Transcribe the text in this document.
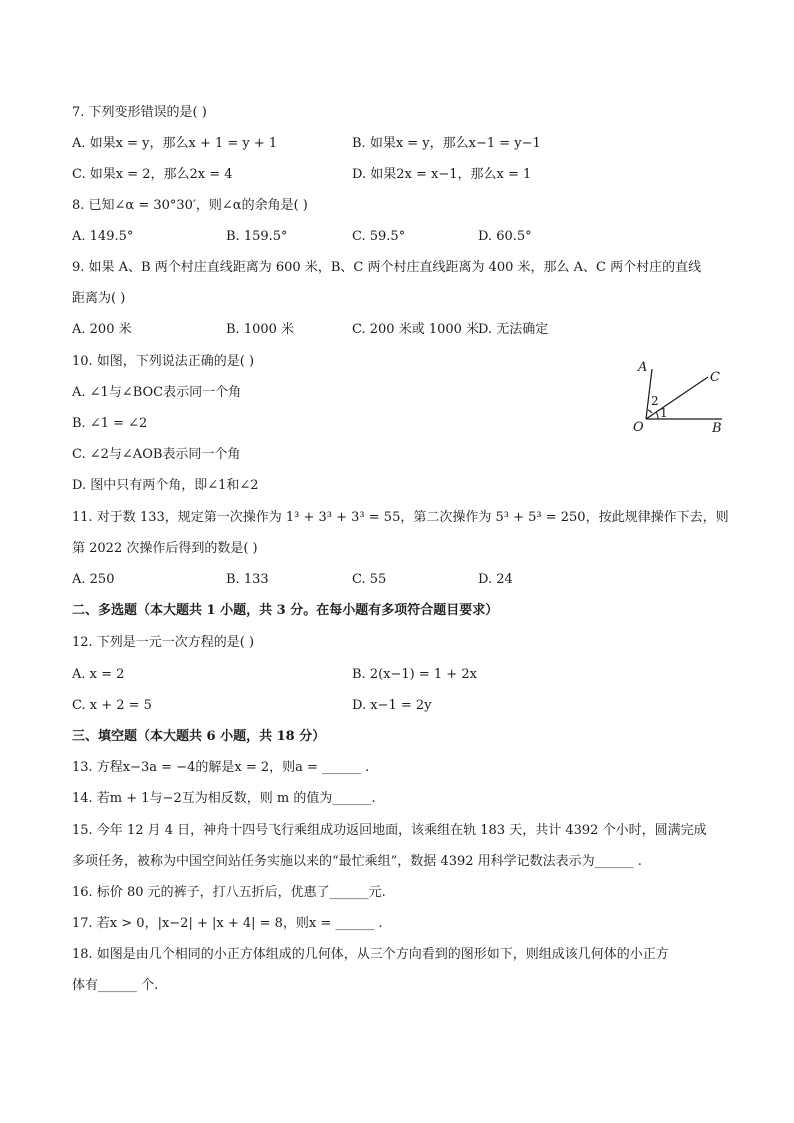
7. 下列变形错误的是( )
A. 如果x = y，那么x + 1 = y + 1	B. 如果x = y，那么x−1 = y−1
C. 如果x = 2，那么2x = 4	D. 如果2x = x−1，那么x = 1
8. 已知∠α = 30°30′，则∠α的余角是( )
A. 149.5°	B. 159.5°	C. 59.5°	D. 60.5°
9. 如果 A、B 两个村庄直线距离为 600 米，B、C 两个村庄直线距离为 400 米，那么 A、C 两个村庄的直线
距离为( )
A. 200 米	B. 1000 米	C. 200 米或 1000 米
D. 无法确定
10. 如图，下列说法正确的是( )
A. ∠1与∠BOC表示同一个角
B. ∠1 = ∠2
C. ∠2与∠AOB表示同一个角
D. 图中只有两个角，即∠1和∠2
A
C
O	B
1
2
11. 对于数 133，规定第一次操作为 1³ + 3³ + 3³ = 55，第二次操作为 5³ + 5³ = 250，按此规律操作下去，则
第 2022 次操作后得到的数是( )
A. 250	B. 133	C. 55	D. 24
二、多选题（本大题共 1 小题，共 3 分。在每小题有多项符合题目要求）
12. 下列是一元一次方程的是( )
A. x = 2	B. 2(x−1) = 1 + 2x
C. x + 2 = 5	D. x−1 = 2y
三、填空题（本大题共 6 小题，共 18 分）
13. 方程x−3a = −4的解是x = 2，则a = ______ .
14. 若m + 1与−2互为相反数，则 m 的值为______.
15. 今年 12 月 4 日，神舟十四号飞行乘组成功返回地面，该乘组在轨 183 天，共计 4392 个小时，圆满完成
多项任务，被称为中国空间站任务实施以来的“最忙乘组”，数据 4392 用科学记数法表示为______ .
16. 标价 80 元的裤子，打八五折后，优惠了______元.
17. 若x > 0，|x−2| + |x + 4| = 8，则x = ______ .
18. 如图是由几个相同的小正方体组成的几何体，从三个方向看到的图形如下，则组成该几何体的小正方
体有______ 个.
